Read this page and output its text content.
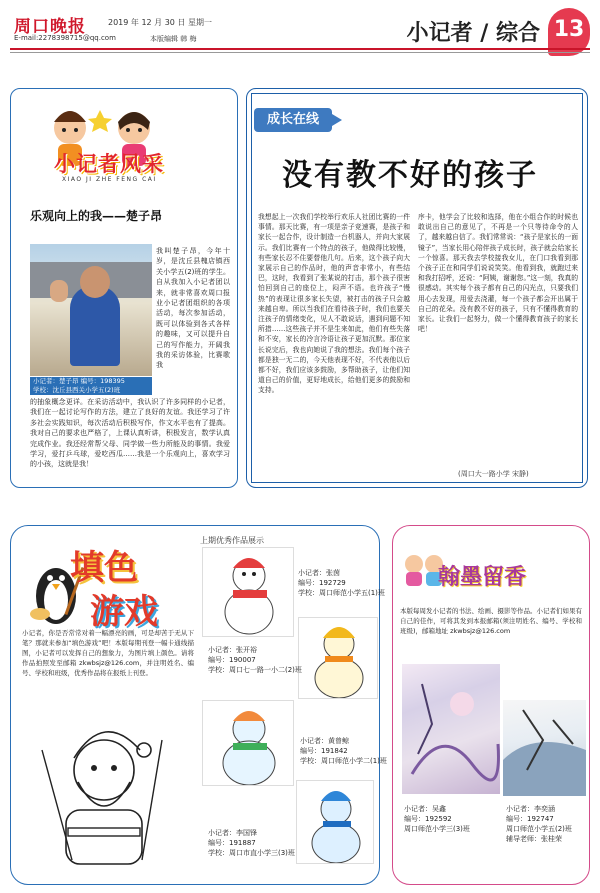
周口晚报	2019 年 12 月 30 日 星期一
E-mail:2278398715@qq.com	本版编辑 韩 梅	小记者 / 综合 13
小记者风采
XIAO JI ZHE FENG CAI
乐观向上的我——楚子昂
小记者：楚子昂 编号：198395
学校：沈丘县西关小学五(2)班
我叫楚子昂，今年十岁，是沈丘县槐店镇西关小学五(2)班的学生。自从我加入小记者团以来，就非常喜欢周口报业小记者团组织的各项活动，每次参加活动，既可以体验到各式各样的趣味，又可以提升自己的写作能力，开阔我我的采访体验，比赛歌我
的抽象概念更详。在采访活动中，我认识了许多同样的小记者，我们在一起讨论写作的方法，建立了良好的友谊。我还学习了许多社会实践知识，每次活动后积极写作，作文水平也有了提高。我对自己的要求也严格了，上课认真听讲，积极发言，数学认真完成作业。我还经常帮父母、同学做一些力所能及的事情。我爱学习，爱打乒乓球，爱吃西瓜……我是一个乐观向上，喜欢学习的小孩，这就是我！
成长在线
没有教不好的孩子
我想起上一次我们学校举行欢乐人社团比赛的一件事情。那天比赛，有一项是亲子竞速赛，是孩子和家长一起合作，设计制造一台机器人，并向大家展示。我们比赛有一个特点的孩子，他做得比较慢，有些家长忍不住要替他几句。后来，这个孩子向大家展示自己的作品时，他的声音非常小，有些结巴，这时，我看到了张某说的打击，那个孩子很害怕回到自己的座位上，闷声不语。也许孩子“慢热”的表现让很多家长失望，被打击的孩子只会越来越自卑。所以当我们在看待孩子时，我们也要关注孩子的情绪变化，见人不敢说话，遇到问题不知所措……这些孩子并不是生来如此，他们有些失落和不安，家长的冷言冷语让孩子更加沉默。那位家长说完后，我也向她说了我的想法。我们每个孩子都是独一无二的，今天他表现不好，不代表他以后都不好，我们应该多鼓励，多帮助孩子，让他们知道自己的价值，更好地成长，给他们更多的鼓励和支持。
序卡，他学会了比较和选择，他在小组合作的时候也敢说出自己的意见了，不再是一个只等待命令的人了，越来越自信了。我们常常说：“孩子是家长的一面镜子”，当家长用心陪伴孩子成长时，孩子就会给家长一个惊喜。那天我去学校接我女儿，在门口我看到那个孩子正在和同学们说说笑笑。他看到我，就跑过来和我打招呼，还说：“阿姨，谢谢您。”这一刻，我真的很感动。其实每个孩子都有自己的闪光点，只要我们用心去发现，用爱去浇灌，每一个孩子都会开出属于自己的花朵。没有教不好的孩子，只有不懂得教育的家长。让我们一起努力，做一个懂得教育孩子的家长吧！
(周口大一路小学 宋静)
填色
游戏
上期优秀作品展示
小记者，你是否常常对着一幅漂亮的画，可是却苦于无从下笔？那就来参加“填色游戏”吧！本版每期刊登一幅卡通线描图，小记者可以发挥自己的想象力，为图片填上颜色。请将作品拍照发至邮箱 zkwbsjz@126.com，并注明姓名、编号、学校和班级，优秀作品将在报纸上刊登。
小记者：张茵
编号：192729
学校：周口师范小学五(1)班
小记者：张开裕
编号：190007
学校：周口七一路一小二(2)班
小记者：黄曾鲸
编号：191842
学校：周口师范小学二(1)班
小记者：李国锋
编号：191887
学校：周口市直小学三(3)班
翰墨留香
本版每周发小记者的书法、绘画、摄影等作品。小记者们如果有自己的佳作，可将其发到本报邮箱(须注明姓名、编号、学校和班级)，邮箱地址 zkwbsjz@126.com
小记者：吴鑫
编号：192592
周口师范小学三(3)班
小记者：李奕涵
编号：192747
周口师范小学五(2)班
辅导老师：张桂荣
